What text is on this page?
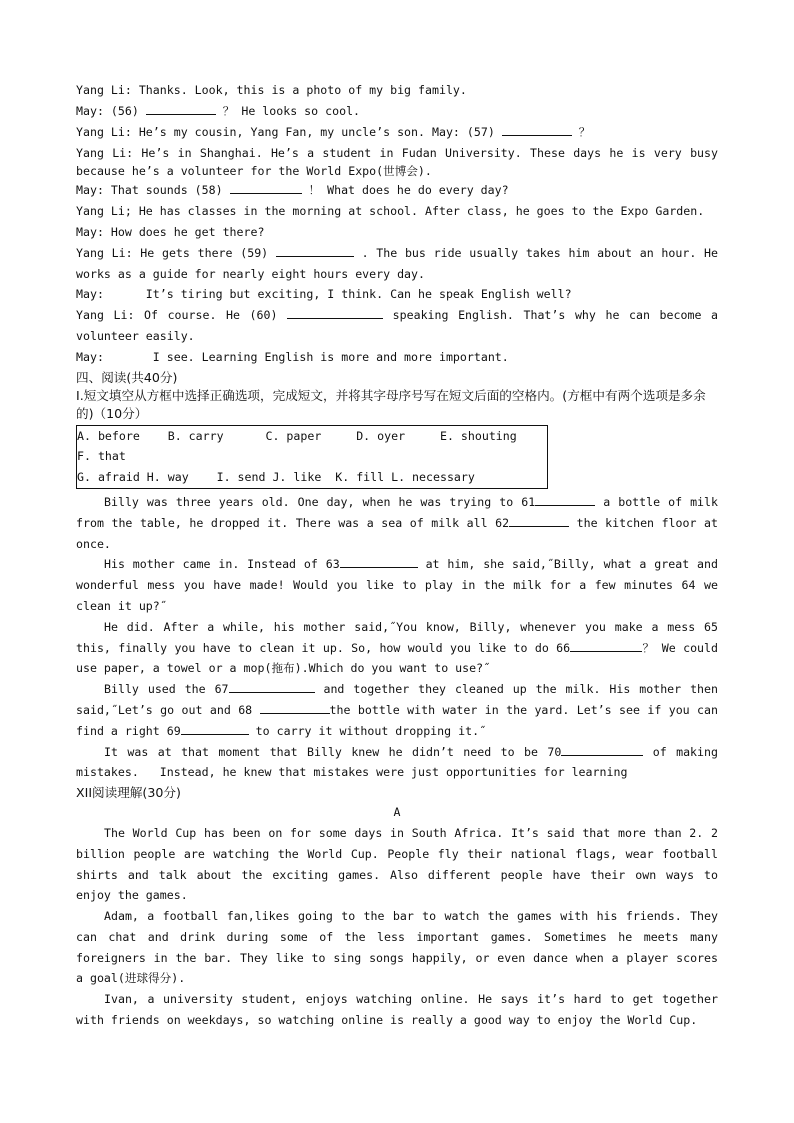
Yang Li: Thanks. Look, this is a photo of my big family.

May: (56)	？ He looks so cool.

Yang Li: He’s my cousin, Yang Fan, my uncle’s son. May: (57)	？

Yang Li: He’s in Shanghai. He’s a student in Fudan University. These days he is very busy because he’s a volunteer for the World Expo(世博会).

May: That sounds (58)	！ What does he do every day?

Yang Li; He has classes in the morning at school. After class, he goes to the Expo Garden.

May: How does he get there?

Yang Li: He gets there (59)	. The bus ride usually takes him about an hour. He works as a guide for nearly eight hours every day.

May:      It’s tiring but exciting, I think. Can he speak English well?

Yang Li: Of course. He (60)	speaking English. That’s why he can become a volunteer easily.

May:       I see. Learning English is more and more important.

四、阅读(共40分)

I.短文填空从方框中选择正确选项，完成短文，并将其字母序号写在短文后面的空格内。(方框中有两个选项是多余的)（10分）

A. before    B. carry      C. paper     D. oyer     E. shouting

F. that

G. afraid H. way    I. send J. like  K. fill L. necessary

Billy was three years old. One day, when he was trying to 61	a bottle of milk from the table, he dropped it. There was a sea of milk all 62	the kitchen floor at once.

His mother came in. Instead of 63	at him, she said,˝Billy, what a great and wonderful mess you have made! Would you like to play in the milk for a few minutes 64 we clean it up?˝

He did. After a while, his mother said,˝You know, Billy, whenever you make a mess 65 this, finally you have to clean it up. So, how would you like to do 66	？ We could use paper, a towel or a mop(拖布).Which do you want to use?˝

Billy used the 67	and together they cleaned up the milk. His mother then said,˝Let’s go out and 68	the bottle with water in the yard. Let’s see if you can find a right 69	to carry it without dropping it.˝

It was at that moment that Billy knew he didn’t need to be 70	of making mistakes.   Instead, he knew that mistakes were just opportunities for learning

XII阅读理解(30分)

A

The World Cup has been on for some days in South Africa. It’s said that more than 2. 2 billion people are watching the World Cup. People fly their national flags, wear football shirts and talk about the exciting games. Also different people have their own ways to enjoy the games.

Adam, a football fan,likes going to the bar to watch the games with his friends. They can chat and drink during some of the less important games. Sometimes he meets many foreigners in the bar. They like to sing songs happily, or even dance when a player scores a goal(进球得分).

Ivan, a university student, enjoys watching online. He says it’s hard to get together with friends on weekdays, so watching online is really a good way to enjoy the World Cup.
